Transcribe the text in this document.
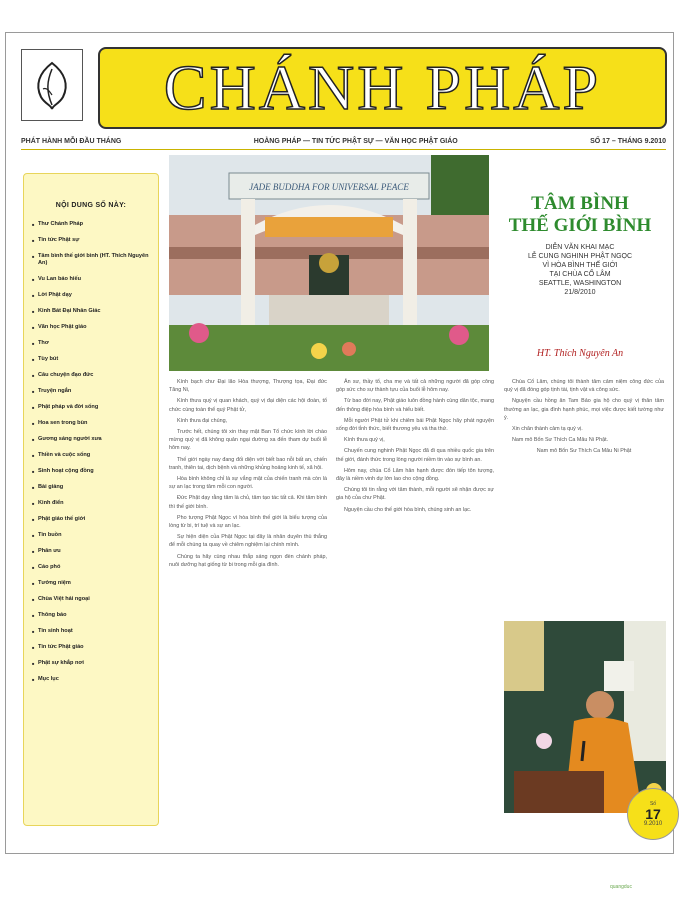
CHÁNH PHÁP
PHÁT HÀNH MỖI ĐẦU THÁNG	HOẰNG PHÁP — TIN TỨC PHẬT SỰ — VĂN HỌC PHẬT GIÁO	SỐ 17 – THÁNG 9.2010
NỘI DUNG SỐ NÀY:
■ Thư Chánh Pháp
■ Tin tức Phật sự
■ Tâm bình thế giới bình (HT. Thích Nguyên An)
■ Vu Lan báo hiếu
■ Lời Phật dạy
■ Kinh Bát Đại Nhân Giác
■ Văn học Phật giáo
■ Thơ
■ Tùy bút
■ Câu chuyện đạo đức
■ Truyện ngắn
■ Phật pháp và đời sống
■ Hoa sen trong bùn
■ Gương sáng người xưa
■ Thiền và cuộc sống
■ Sinh hoạt cộng đồng
■ Bài giảng
■ Kinh điển
■ Phật giáo thế giới
■ Tin buồn
■ Phân ưu
■ Cáo phó
■ Tưởng niệm
■ Chùa Việt hải ngoại
■ Thông báo
■ Tin sinh hoạt
■ Tin tức Phật giáo
■ Phật sự khắp nơi
■ Mục lục
JADE BUDDHA FOR UNIVERSAL PEACE
TÂM BÌNH
THẾ GIỚI BÌNH
DIỄN VĂN KHAI MẠC
LỄ CUNG NGHINH PHẬT NGỌC
VÌ HÒA BÌNH THẾ GIỚI
TẠI CHÙA CỔ LÂM
SEATTLE, WASHINGTON
21/8/2010
HT. Thích Nguyên An

Kính bạch chư Đại lão Hòa thượng, Thượng tọa, Đại đức Tăng Ni,

Kính thưa quý vị quan khách, quý vị đại diện các hội đoàn, tổ chức cùng toàn thể quý Phật tử,

Kính thưa đại chúng,

Trước hết, chúng tôi xin thay mặt Ban Tổ chức kính lời chào mừng quý vị đã không quản ngại đường xa đến tham dự buổi lễ hôm nay.

Thế giới ngày nay đang đối diện với biết bao nỗi bất an, chiến tranh, thiên tai, dịch bệnh và những khủng hoảng kinh tế, xã hội.

Hòa bình không chỉ là sự vắng mặt của chiến tranh mà còn là sự an lạc trong tâm mỗi con người.

Đức Phật dạy rằng tâm là chủ, tâm tạo tác tất cả. Khi tâm bình thì thế giới bình.

Pho tượng Phật Ngọc vì hòa bình thế giới là biểu tượng của lòng từ bi, trí tuệ và sự an lạc.

Sự hiện diện của Phật Ngọc tại đây là nhân duyên thù thắng để mỗi chúng ta quay về chiêm nghiệm lại chính mình.

Chúng ta hãy cùng nhau thắp sáng ngọn đèn chánh pháp, nuôi dưỡng hạt giống từ bi trong mỗi gia đình.

Ân sư, thầy tổ, cha mẹ và tất cả những người đã góp công góp sức cho sự thành tựu của buổi lễ hôm nay.

Từ bao đời nay, Phật giáo luôn đồng hành cùng dân tộc, mang đến thông điệp hòa bình và hiểu biết.

Mỗi người Phật tử khi chiêm bái Phật Ngọc hãy phát nguyện sống đời tỉnh thức, biết thương yêu và tha thứ.

Kính thưa quý vị,

Chuyến cung nghinh Phật Ngọc đã đi qua nhiều quốc gia trên thế giới, đánh thức trong lòng người niềm tin vào sự bình an.

Hôm nay, chùa Cổ Lâm hân hạnh được đón tiếp tôn tượng, đây là niềm vinh dự lớn lao cho cộng đồng.

Chúng tôi tin rằng với tâm thành, mỗi người sẽ nhận được sự gia hộ của chư Phật.

Nguyện cầu cho thế giới hòa bình, chúng sinh an lạc.

Chùa Cổ Lâm, chúng tôi thành tâm cảm niệm công đức của quý vị đã đóng góp tịnh tài, tịnh vật và công sức.

Nguyện cầu hồng ân Tam Bảo gia hộ cho quý vị thân tâm thường an lạc, gia đình hạnh phúc, mọi việc được kiết tường như ý.

Xin chân thành cảm tạ quý vị.

Nam mô Bổn Sư Thích Ca Mâu Ni Phật.

Nam mô Bổn Sư Thích Ca Mâu Ni Phật

Số
17
9.2010
quangduc
